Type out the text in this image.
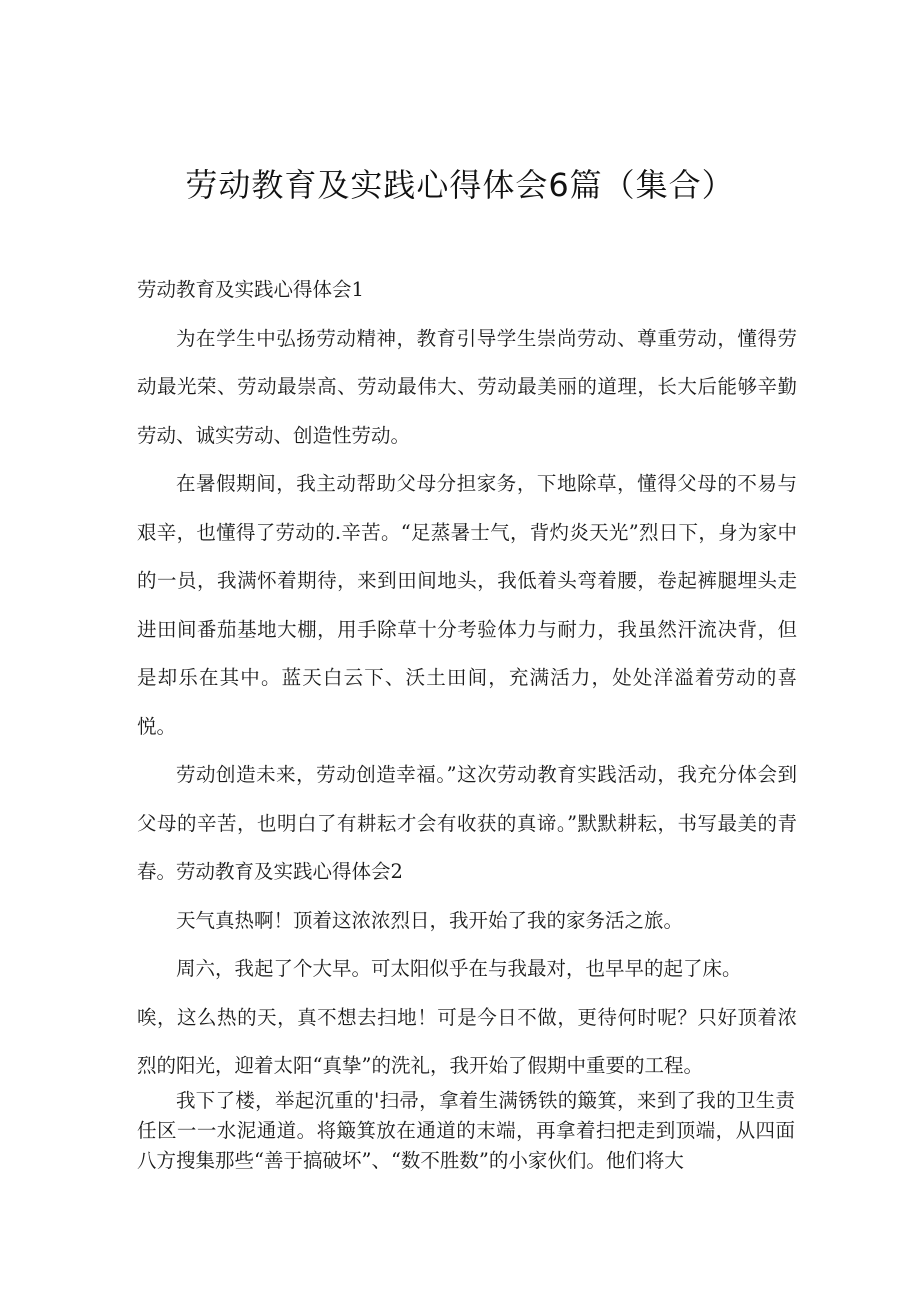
劳动教育及实践心得体会6篇（集合）

劳动教育及实践心得体会1

为在学生中弘扬劳动精神，教育引导学生崇尚劳动、尊重劳动，懂得劳动最光荣、劳动最崇高、劳动最伟大、劳动最美丽的道理，长大后能够辛勤劳动、诚实劳动、创造性劳动。

在暑假期间，我主动帮助父母分担家务，下地除草，懂得父母的不易与艰辛，也懂得了劳动的.辛苦。“足蒸暑士气，背灼炎天光”烈日下，身为家中的一员，我满怀着期待，来到田间地头，我低着头弯着腰，卷起裤腿埋头走进田间番茄基地大棚，用手除草十分考验体力与耐力，我虽然汗流决背，但是却乐在其中。蓝天白云下、沃土田间，充满活力，处处洋溢着劳动的喜悦。

劳动创造未来，劳动创造幸福。”这次劳动教育实践活动，我充分体会到父母的辛苦，也明白了有耕耘才会有收获的真谛。”默默耕耘，书写最美的青春。劳动教育及实践心得体会2

天气真热啊！顶着这浓浓烈日，我开始了我的家务活之旅。

周六，我起了个大早。可太阳似乎在与我最对，也早早的起了床。

唉，这么热的天，真不想去扫地！可是今日不做，更待何时呢？只好顶着浓烈的阳光，迎着太阳“真挚”的洗礼，我开始了假期中重要的工程。

我下了楼，举起沉重的'扫帚，拿着生满锈铁的簸箕，来到了我的卫生责任区一一水泥通道。将簸箕放在通道的末端，再拿着扫把走到顶端，从四面八方搜集那些“善于搞破坏”、“数不胜数”的小家伙们。他们将大
